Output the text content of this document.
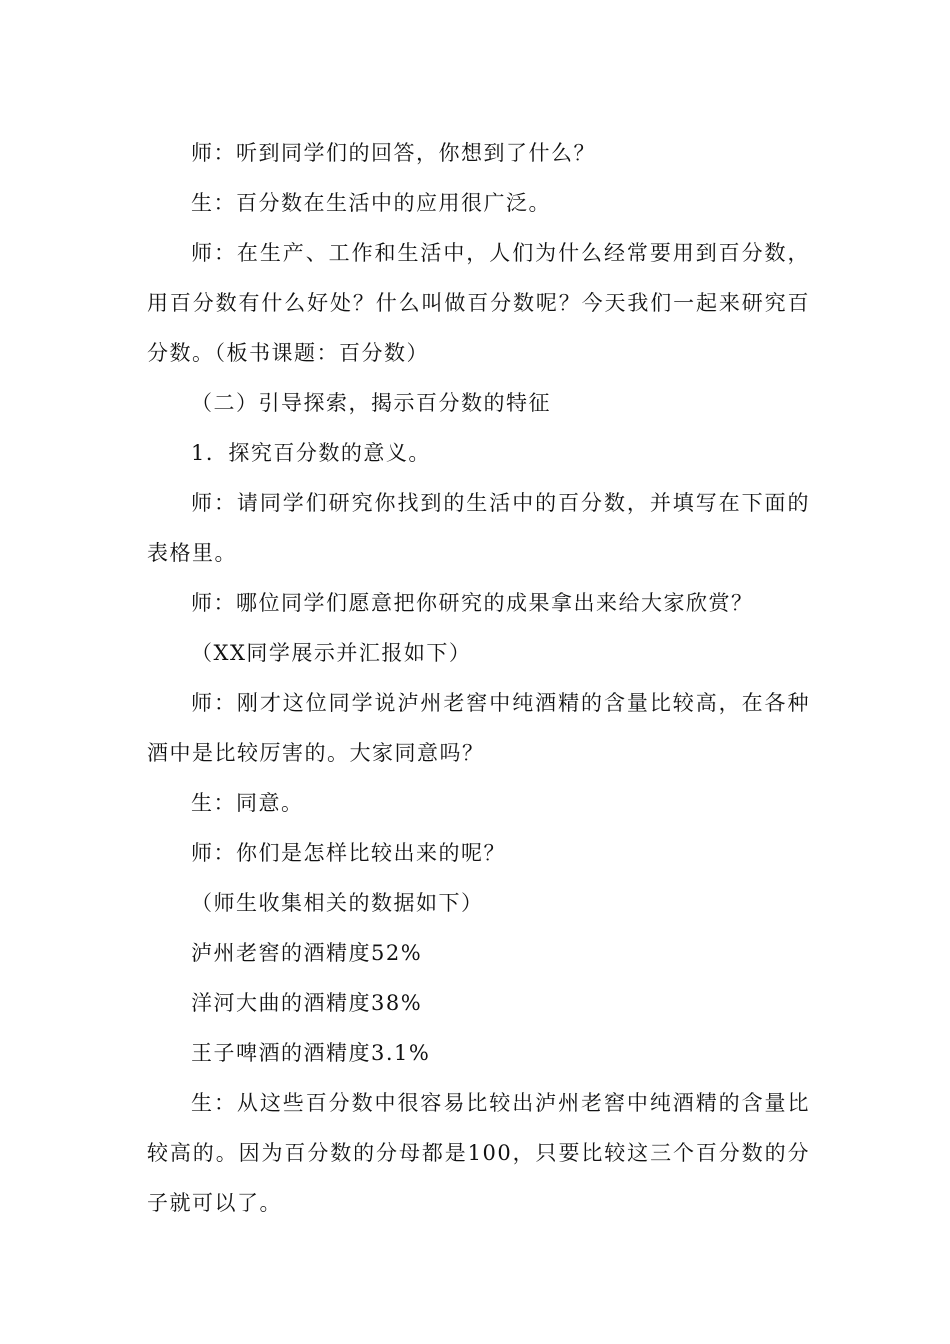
师：听到同学们的回答，你想到了什么？

生：百分数在生活中的应用很广泛。

师：在生产、工作和生活中，人们为什么经常要用到百分数，用百分数有什么好处？什么叫做百分数呢？今天我们一起来研究百分数。（板书课题：百分数）

（二）引导探索，揭示百分数的特征

1．探究百分数的意义。

师：请同学们研究你找到的生活中的百分数，并填写在下面的表格里。

师：哪位同学们愿意把你研究的成果拿出来给大家欣赏？

（XX同学展示并汇报如下）

师：刚才这位同学说泸州老窖中纯酒精的含量比较高，在各种酒中是比较厉害的。大家同意吗？

生：同意。

师：你们是怎样比较出来的呢？

（师生收集相关的数据如下）

泸州老窖的酒精度52%

洋河大曲的酒精度38%

王子啤酒的酒精度3.1%

生：从这些百分数中很容易比较出泸州老窖中纯酒精的含量比较高的。因为百分数的分母都是100，只要比较这三个百分数的分子就可以了。
